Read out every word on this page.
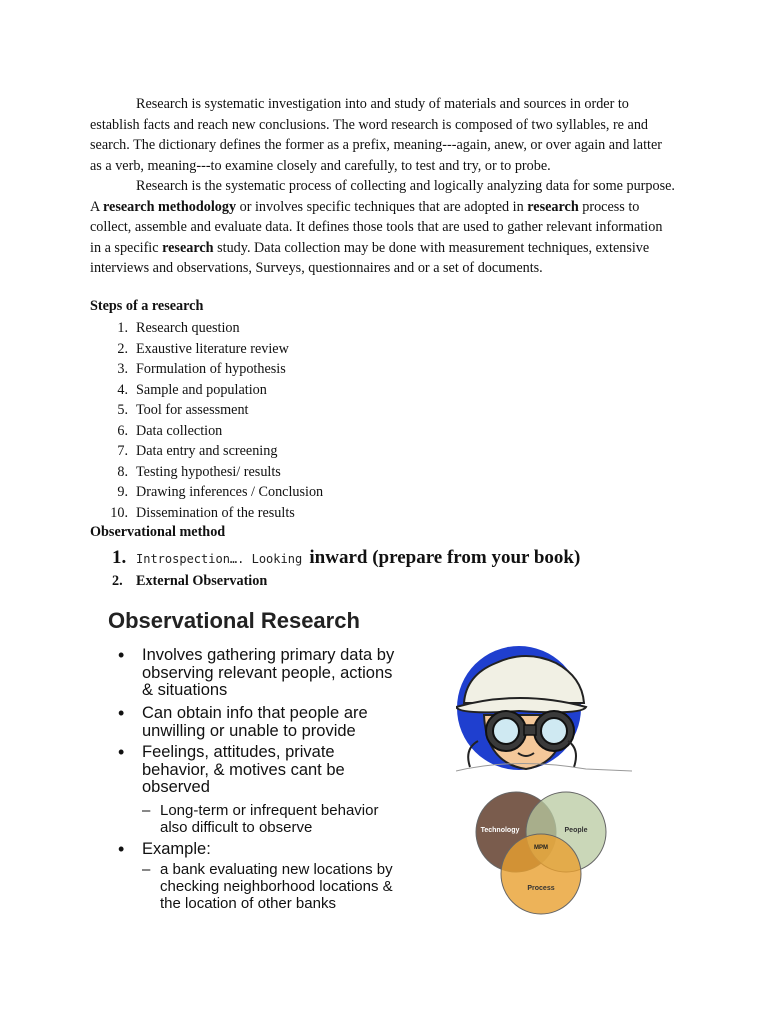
Research is systematic investigation into and study of materials and sources in order to establish facts and reach new conclusions. The word research is composed of two syllables, re and search. The dictionary defines the former as a prefix, meaning---again, anew, or over again and latter as a verb, meaning---to examine closely and carefully, to test and try, or to probe.
Research is the systematic process of collecting and logically analyzing data for some purpose. A research methodology or involves specific techniques that are adopted in research process to collect, assemble and evaluate data. It defines those tools that are used to gather relevant information in a specific research study. Data collection may be done with measurement techniques, extensive interviews and observations, Surveys, questionnaires and or a set of documents.
Steps of a research
1. Research question
2. Exaustive literature review
3. Formulation of hypothesis
4. Sample and population
5. Tool for assessment
6. Data collection
7. Data entry and screening
8. Testing hypothesi/ results
9. Drawing inferences / Conclusion
10. Dissemination of the results
Observational method
1. Introspection…. Looking inward (prepare from your book)
2. External Observation
Observational Research
• Involves gathering primary data by
observing relevant people, actions
& situations
• Can obtain info that people are
unwilling or unable to provide
• Feelings, attitudes, private
behavior, & motives cant be
observed
– Long-term or infrequent behavior
also difficult to observe
• Example:
– a bank evaluating new locations by
checking neighborhood locations &
the location of other banks
Technology	People
MPM
Process
